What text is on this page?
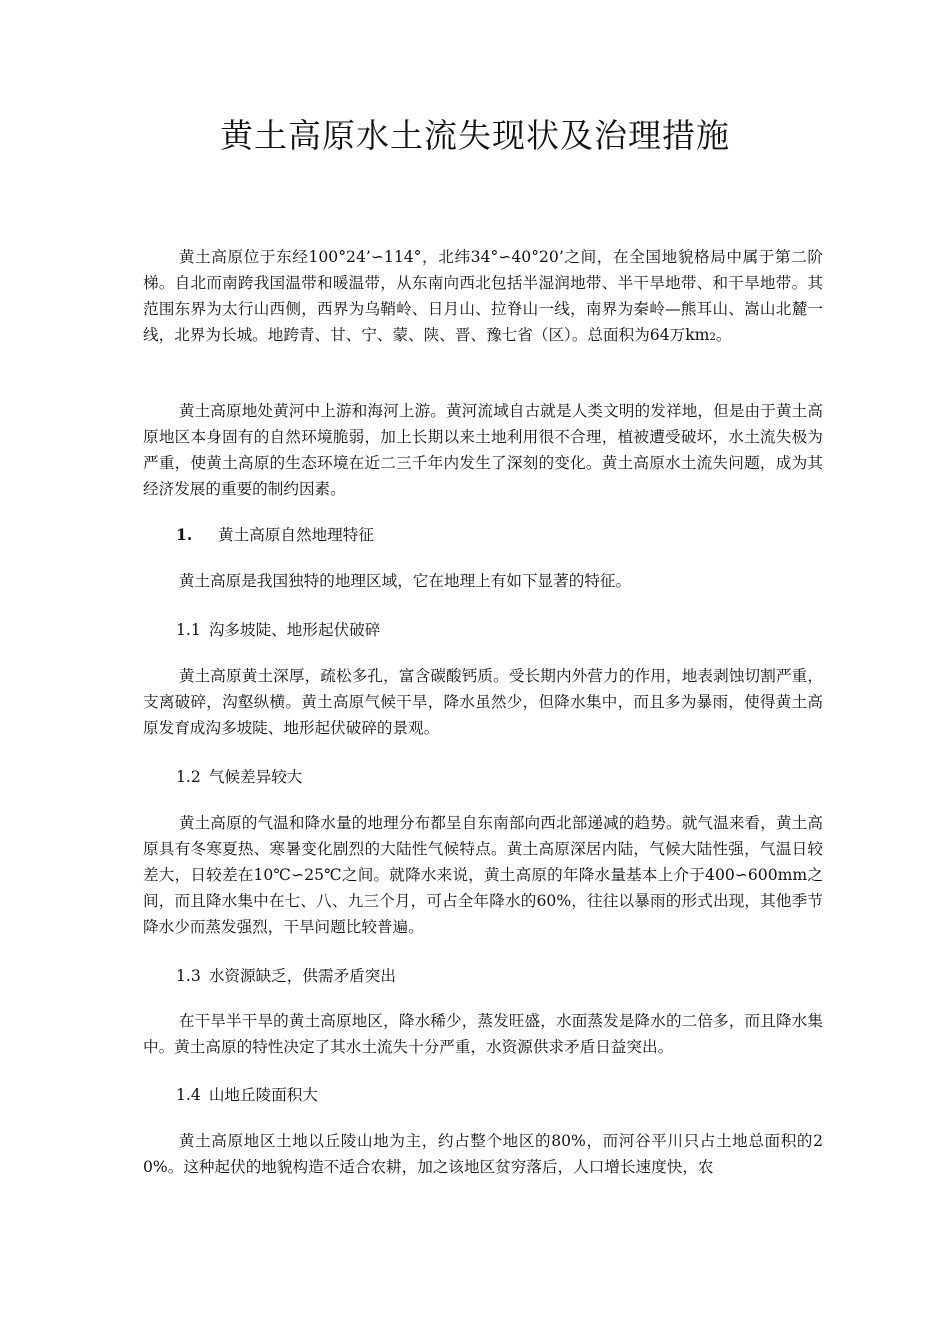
黄土高原水土流失现状及治理措施

黄土高原位于东经100°24’∽114°，北纬34°∽40°20’之间，在全国地貌格局中属于第二阶梯。自北而南跨我国温带和暖温带，从东南向西北包括半湿润地带、半干旱地带、和干旱地带。其范围东界为太行山西侧，西界为乌鞘岭、日月山、拉脊山一线，南界为秦岭—熊耳山、嵩山北麓一线，北界为长城。地跨青、甘、宁、蒙、陕、晋、豫七省（区）。总面积为64万km2。

黄土高原地处黄河中上游和海河上游。黄河流域自古就是人类文明的发祥地，但是由于黄土高原地区本身固有的自然环境脆弱，加上长期以来土地利用很不合理，植被遭受破坏，水土流失极为严重，使黄土高原的生态环境在近二三千年内发生了深刻的变化。黄土高原水土流失问题，成为其经济发展的重要的制约因素。

1. 黄土高原自然地理特征

黄土高原是我国独特的地理区域，它在地理上有如下显著的特征。

1.1 沟多坡陡、地形起伏破碎

黄土高原黄土深厚，疏松多孔，富含碳酸钙质。受长期内外营力的作用，地表剥蚀切割严重，支离破碎，沟壑纵横。黄土高原气候干旱，降水虽然少，但降水集中，而且多为暴雨，使得黄土高原发育成沟多坡陡、地形起伏破碎的景观。

1.2 气候差异较大

黄土高原的气温和降水量的地理分布都呈自东南部向西北部递减的趋势。就气温来看，黄土高原具有冬寒夏热、寒暑变化剧烈的大陆性气候特点。黄土高原深居内陆，气候大陆性强，气温日较差大，日较差在10℃∽25℃之间。就降水来说，黄土高原的年降水量基本上介于400∽600mm之间，而且降水集中在七、八、九三个月，可占全年降水的60%，往往以暴雨的形式出现，其他季节降水少而蒸发强烈，干旱问题比较普遍。

1.3 水资源缺乏，供需矛盾突出

在干旱半干旱的黄土高原地区，降水稀少，蒸发旺盛，水面蒸发是降水的二倍多，而且降水集中。黄土高原的特性决定了其水土流失十分严重，水资源供求矛盾日益突出。

1.4 山地丘陵面积大

黄土高原地区土地以丘陵山地为主，约占整个地区的80%，而河谷平川只占土地总面积的20%。这种起伏的地貌构造不适合农耕，加之该地区贫穷落后，人口增长速度快，农
